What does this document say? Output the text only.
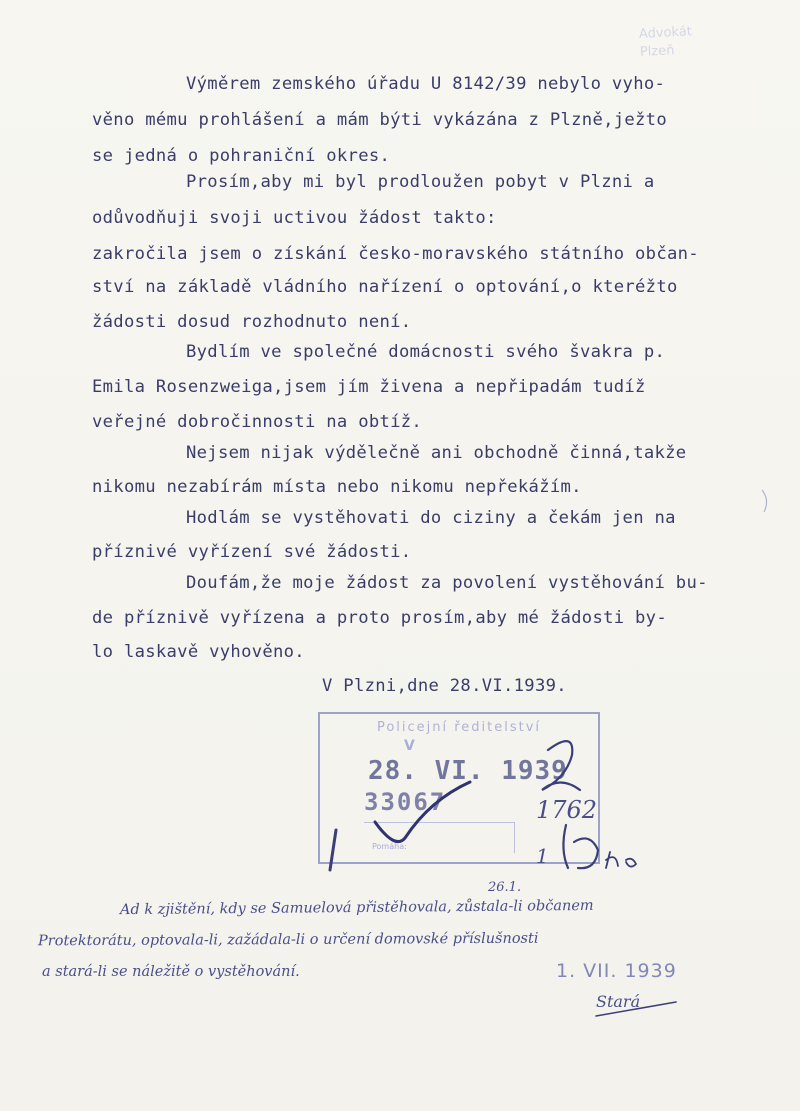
Advokát
Plzeň
Výměrem zemského úřadu U 8142/39 nebylo vyho-
věno mému prohlášení a mám býti vykázána z Plzně,ježto
se jedná o pohraniční okres.
Prosím,aby mi byl prodloužen pobyt v Plzni a
odůvodňuji svoji uctivou žádost takto:
zakročila jsem o získání česko-moravského státního občan-
ství na základě vládního nařízení o optování,o kteréžto
žádosti dosud rozhodnuto není.
Bydlím ve společné domácnosti svého švakra p.
Emila Rosenzweiga,jsem jím živena a nepřipadám tudíž
veřejné dobročinnosti na obtíž.
Nejsem nijak výdělečně ani obchodně činná,takže
nikomu nezabírám místa nebo nikomu nepřekážím.
Hodlám se vystěhovati do ciziny a čekám jen na
příznivé vyřízení své žádosti.
Doufám,že moje žádost za povolení vystěhování bu-
de příznivě vyřízena a proto prosím,aby mé žádosti by-
lo laskavě vyhověno.
V Plzni,dne 28.VI.1939.
Policejní ředitelství
V
28. VI. 1939
33067
Pomáha:
1762
1
26.1.
Ad k zjištění, kdy se Samuelová přistěhovala, zůstala-li občanem
Protektorátu, optovala-li, zažádala-li o určení domovské příslušnosti
a stará-li se náležitě o vystěhování.	1. VII. 1939
Stará
